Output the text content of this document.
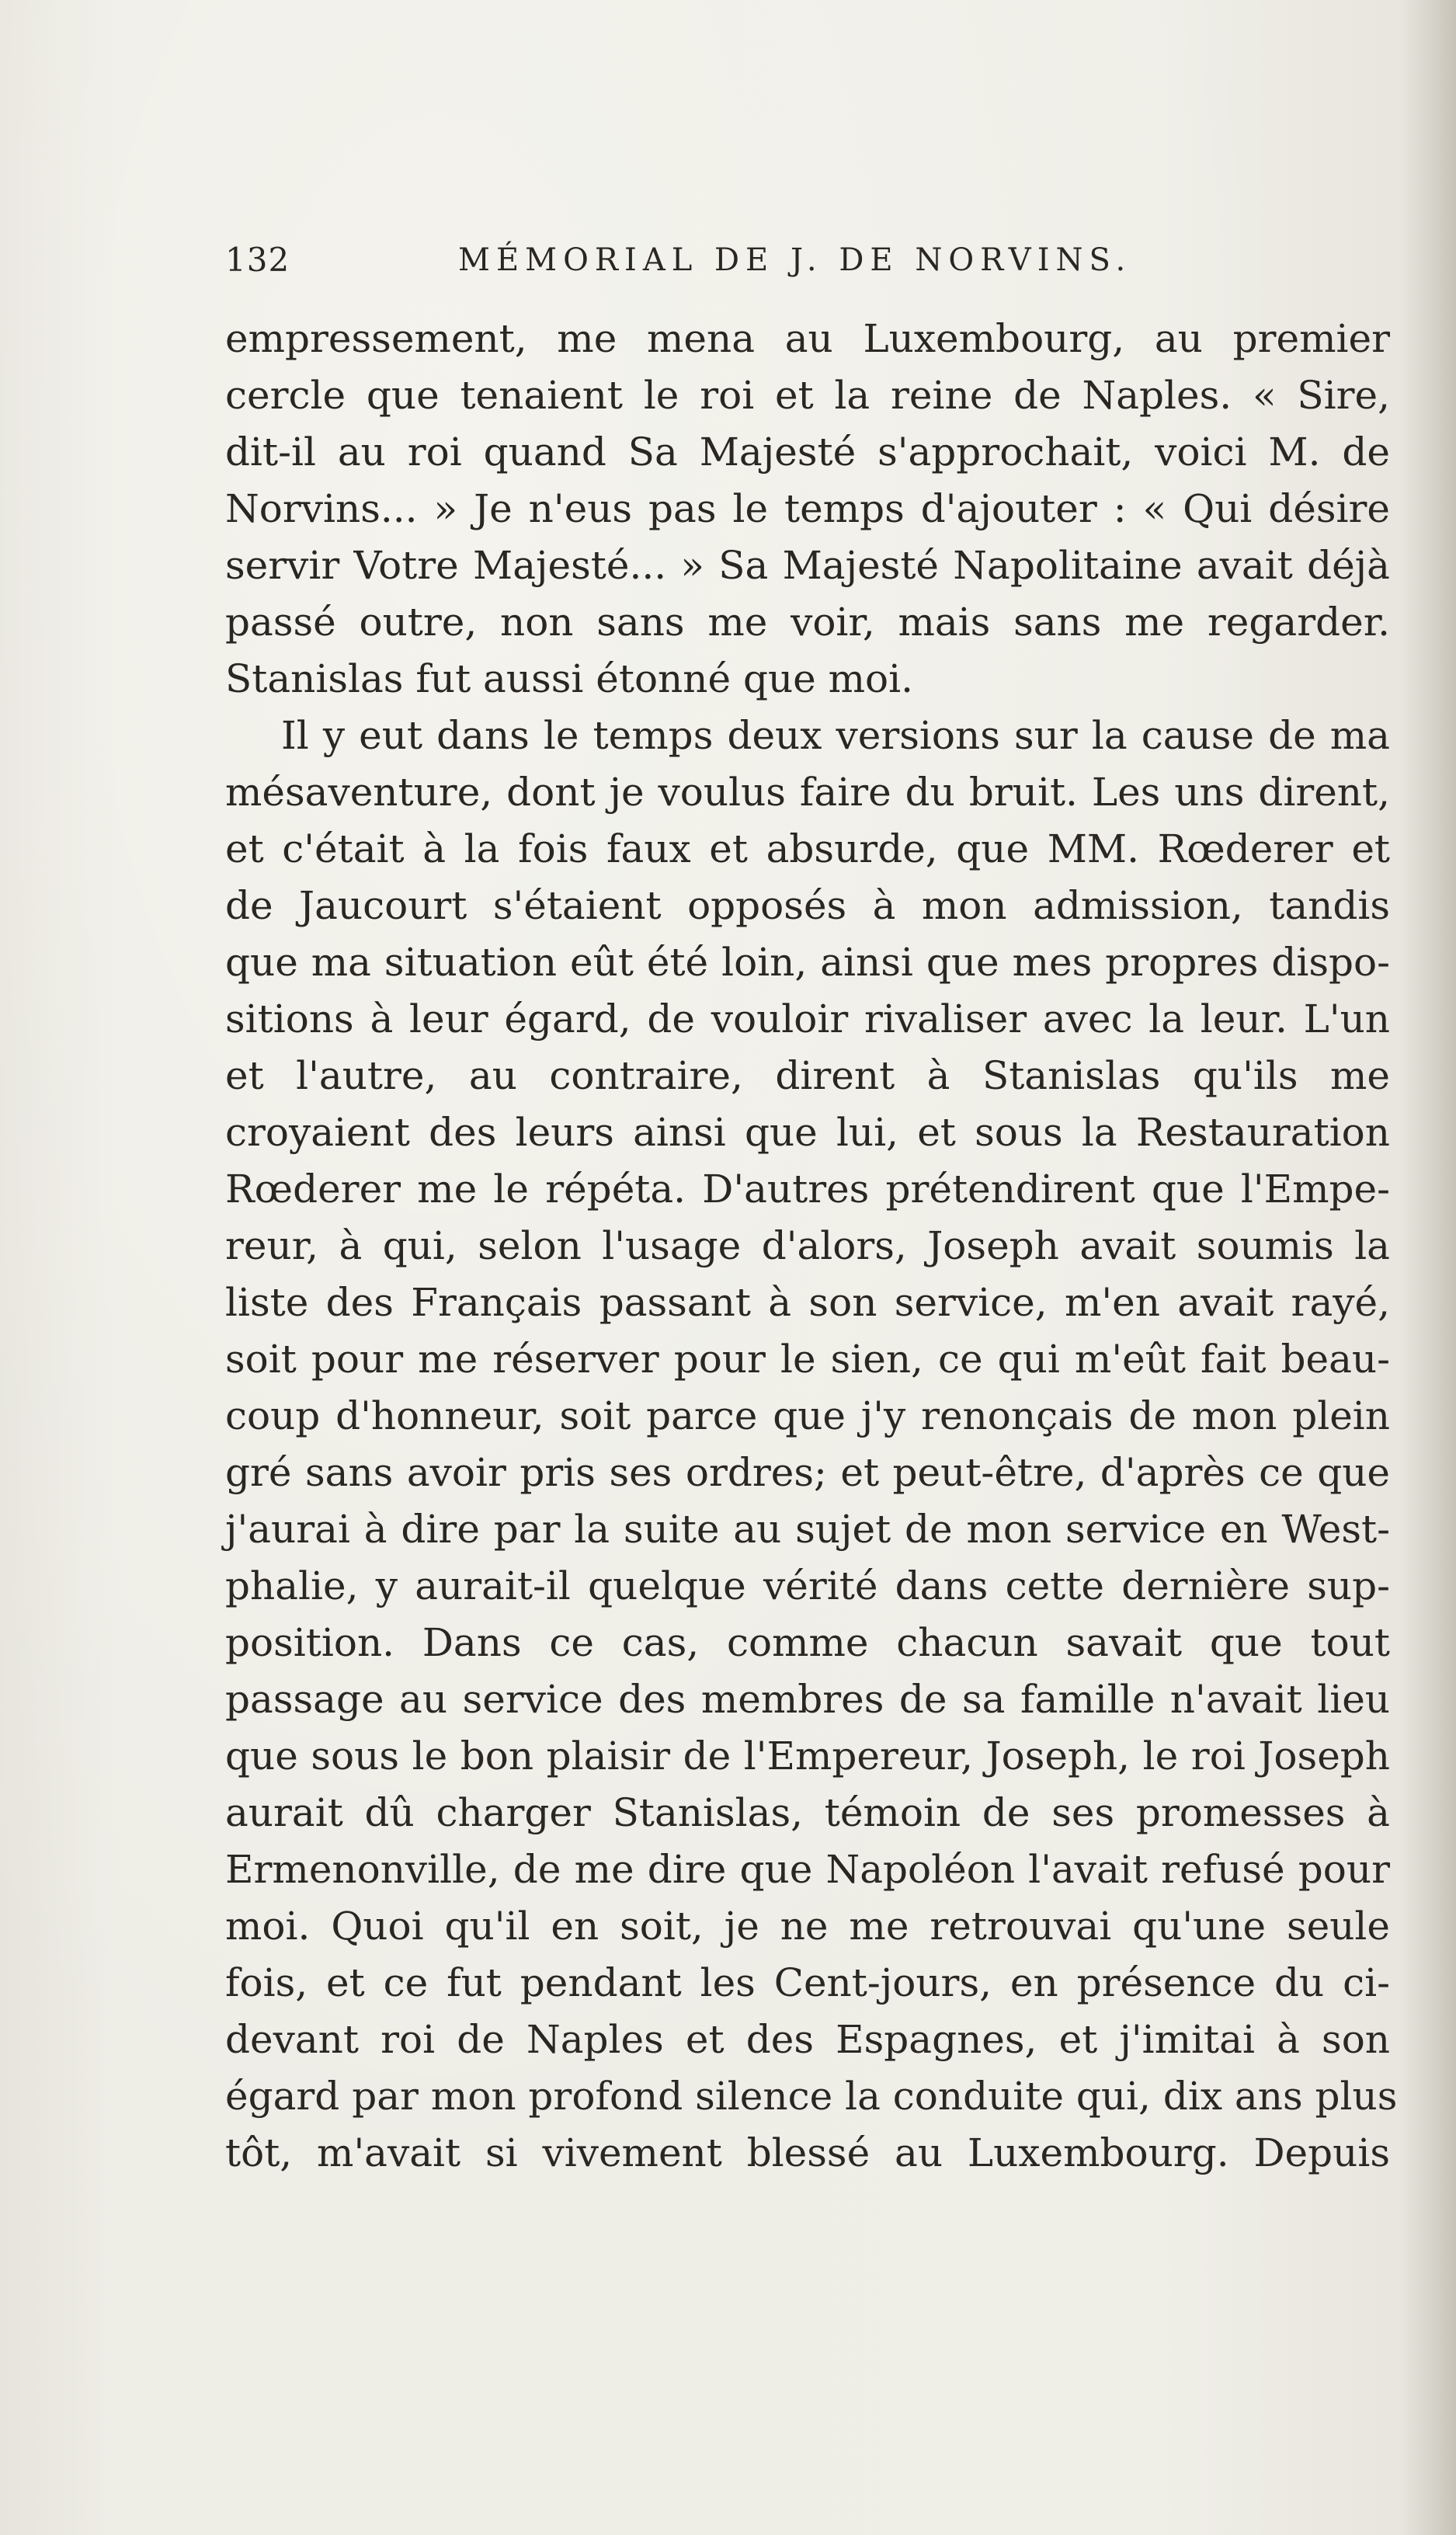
132	MÉMORIAL DE J. DE NORVINS.
empressement, me mena au Luxembourg, au premier
cercle que tenaient le roi et la reine de Naples. « Sire,
dit-il au roi quand Sa Majesté s'approchait, voici M. de
Norvins... » Je n'eus pas le temps d'ajouter : « Qui désire
servir Votre Majesté... » Sa Majesté Napolitaine avait déjà
passé outre, non sans me voir, mais sans me regarder.
Stanislas fut aussi étonné que moi.
Il y eut dans le temps deux versions sur la cause de ma
mésaventure, dont je voulus faire du bruit. Les uns dirent,
et c'était à la fois faux et absurde, que MM. Rœderer et
de Jaucourt s'étaient opposés à mon admission, tandis
que ma situation eût été loin, ainsi que mes propres dispo-
sitions à leur égard, de vouloir rivaliser avec la leur. L'un
et l'autre, au contraire, dirent à Stanislas qu'ils me
croyaient des leurs ainsi que lui, et sous la Restauration
Rœderer me le répéta. D'autres prétendirent que l'Empe-
reur, à qui, selon l'usage d'alors, Joseph avait soumis la
liste des Français passant à son service, m'en avait rayé,
soit pour me réserver pour le sien, ce qui m'eût fait beau-
coup d'honneur, soit parce que j'y renonçais de mon plein
gré sans avoir pris ses ordres; et peut-être, d'après ce que
j'aurai à dire par la suite au sujet de mon service en West-
phalie, y aurait-il quelque vérité dans cette dernière sup-
position. Dans ce cas, comme chacun savait que tout
passage au service des membres de sa famille n'avait lieu
que sous le bon plaisir de l'Empereur, Joseph, le roi Joseph
aurait dû charger Stanislas, témoin de ses promesses à
Ermenonville, de me dire que Napoléon l'avait refusé pour
moi. Quoi qu'il en soit, je ne me retrouvai qu'une seule
fois, et ce fut pendant les Cent-jours, en présence du ci-
devant roi de Naples et des Espagnes, et j'imitai à son
égard par mon profond silence la conduite qui, dix ans plus
tôt, m'avait si vivement blessé au Luxembourg. Depuis
